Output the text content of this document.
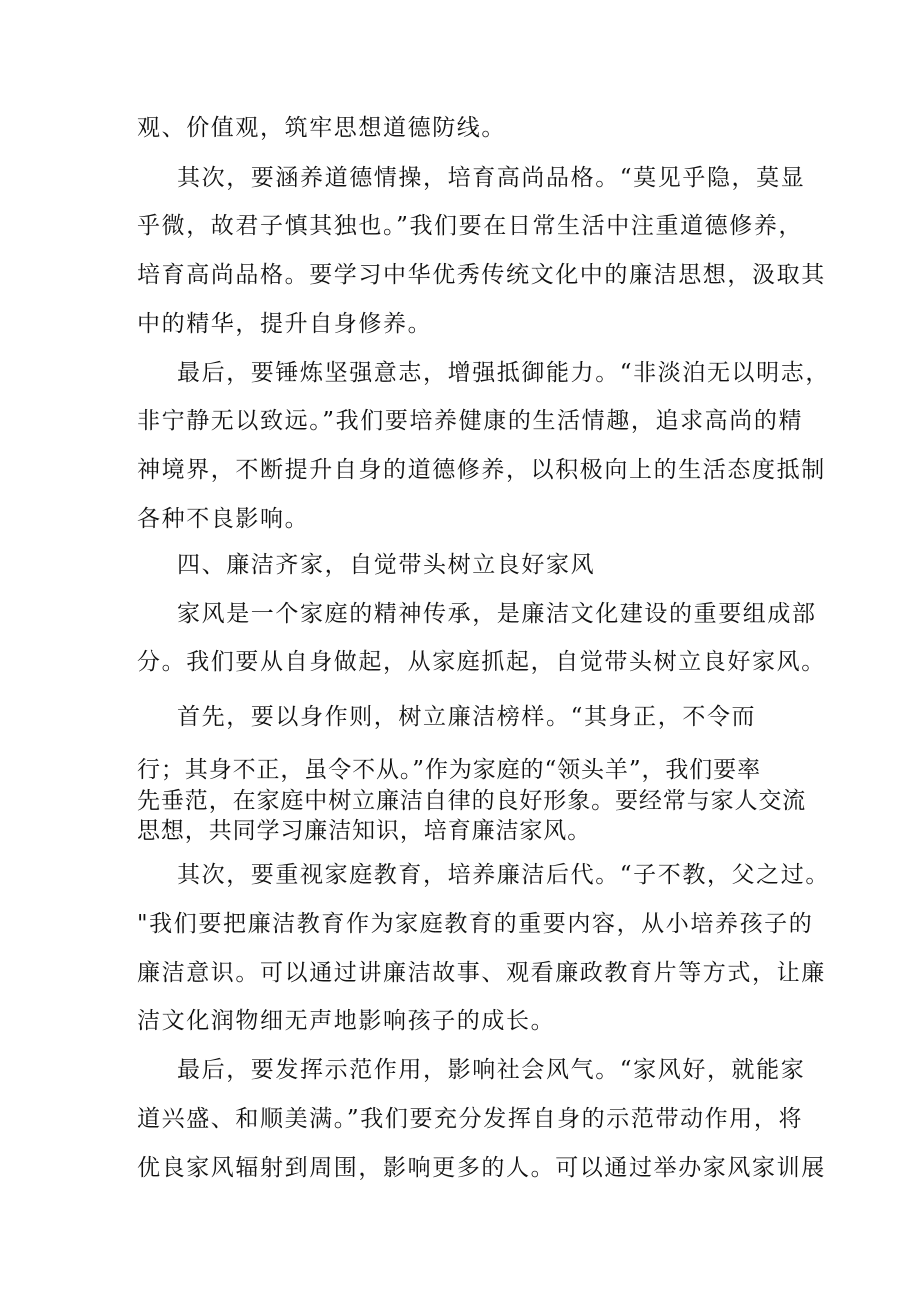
观、价值观，筑牢思想道德防线。
其次，要涵养道德情操，培育高尚品格。“莫见乎隐，莫显
乎微，故君子慎其独也。”我们要在日常生活中注重道德修养，
培育高尚品格。要学习中华优秀传统文化中的廉洁思想，汲取其
中的精华，提升自身修养。
最后，要锤炼坚强意志，增强抵御能力。“非淡泊无以明志，
非宁静无以致远。”我们要培养健康的生活情趣，追求高尚的精
神境界，不断提升自身的道德修养，以积极向上的生活态度抵制
各种不良影响。
四、廉洁齐家，自觉带头树立良好家风
家风是一个家庭的精神传承，是廉洁文化建设的重要组成部
分。我们要从自身做起，从家庭抓起，自觉带头树立良好家风。
首先，要以身作则，树立廉洁榜样。“其身正，不令而
行；其身不正，虽令不从。”作为家庭的“领头羊”，我们要率
先垂范，在家庭中树立廉洁自律的良好形象。要经常与家人交流
思想，共同学习廉洁知识，培育廉洁家风。
其次，要重视家庭教育，培养廉洁后代。“子不教，父之过。
"我们要把廉洁教育作为家庭教育的重要内容，从小培养孩子的
廉洁意识。可以通过讲廉洁故事、观看廉政教育片等方式，让廉
洁文化润物细无声地影响孩子的成长。
最后，要发挥示范作用，影响社会风气。“家风好，就能家
道兴盛、和顺美满。”我们要充分发挥自身的示范带动作用，将
优良家风辐射到周围，影响更多的人。可以通过举办家风家训展
